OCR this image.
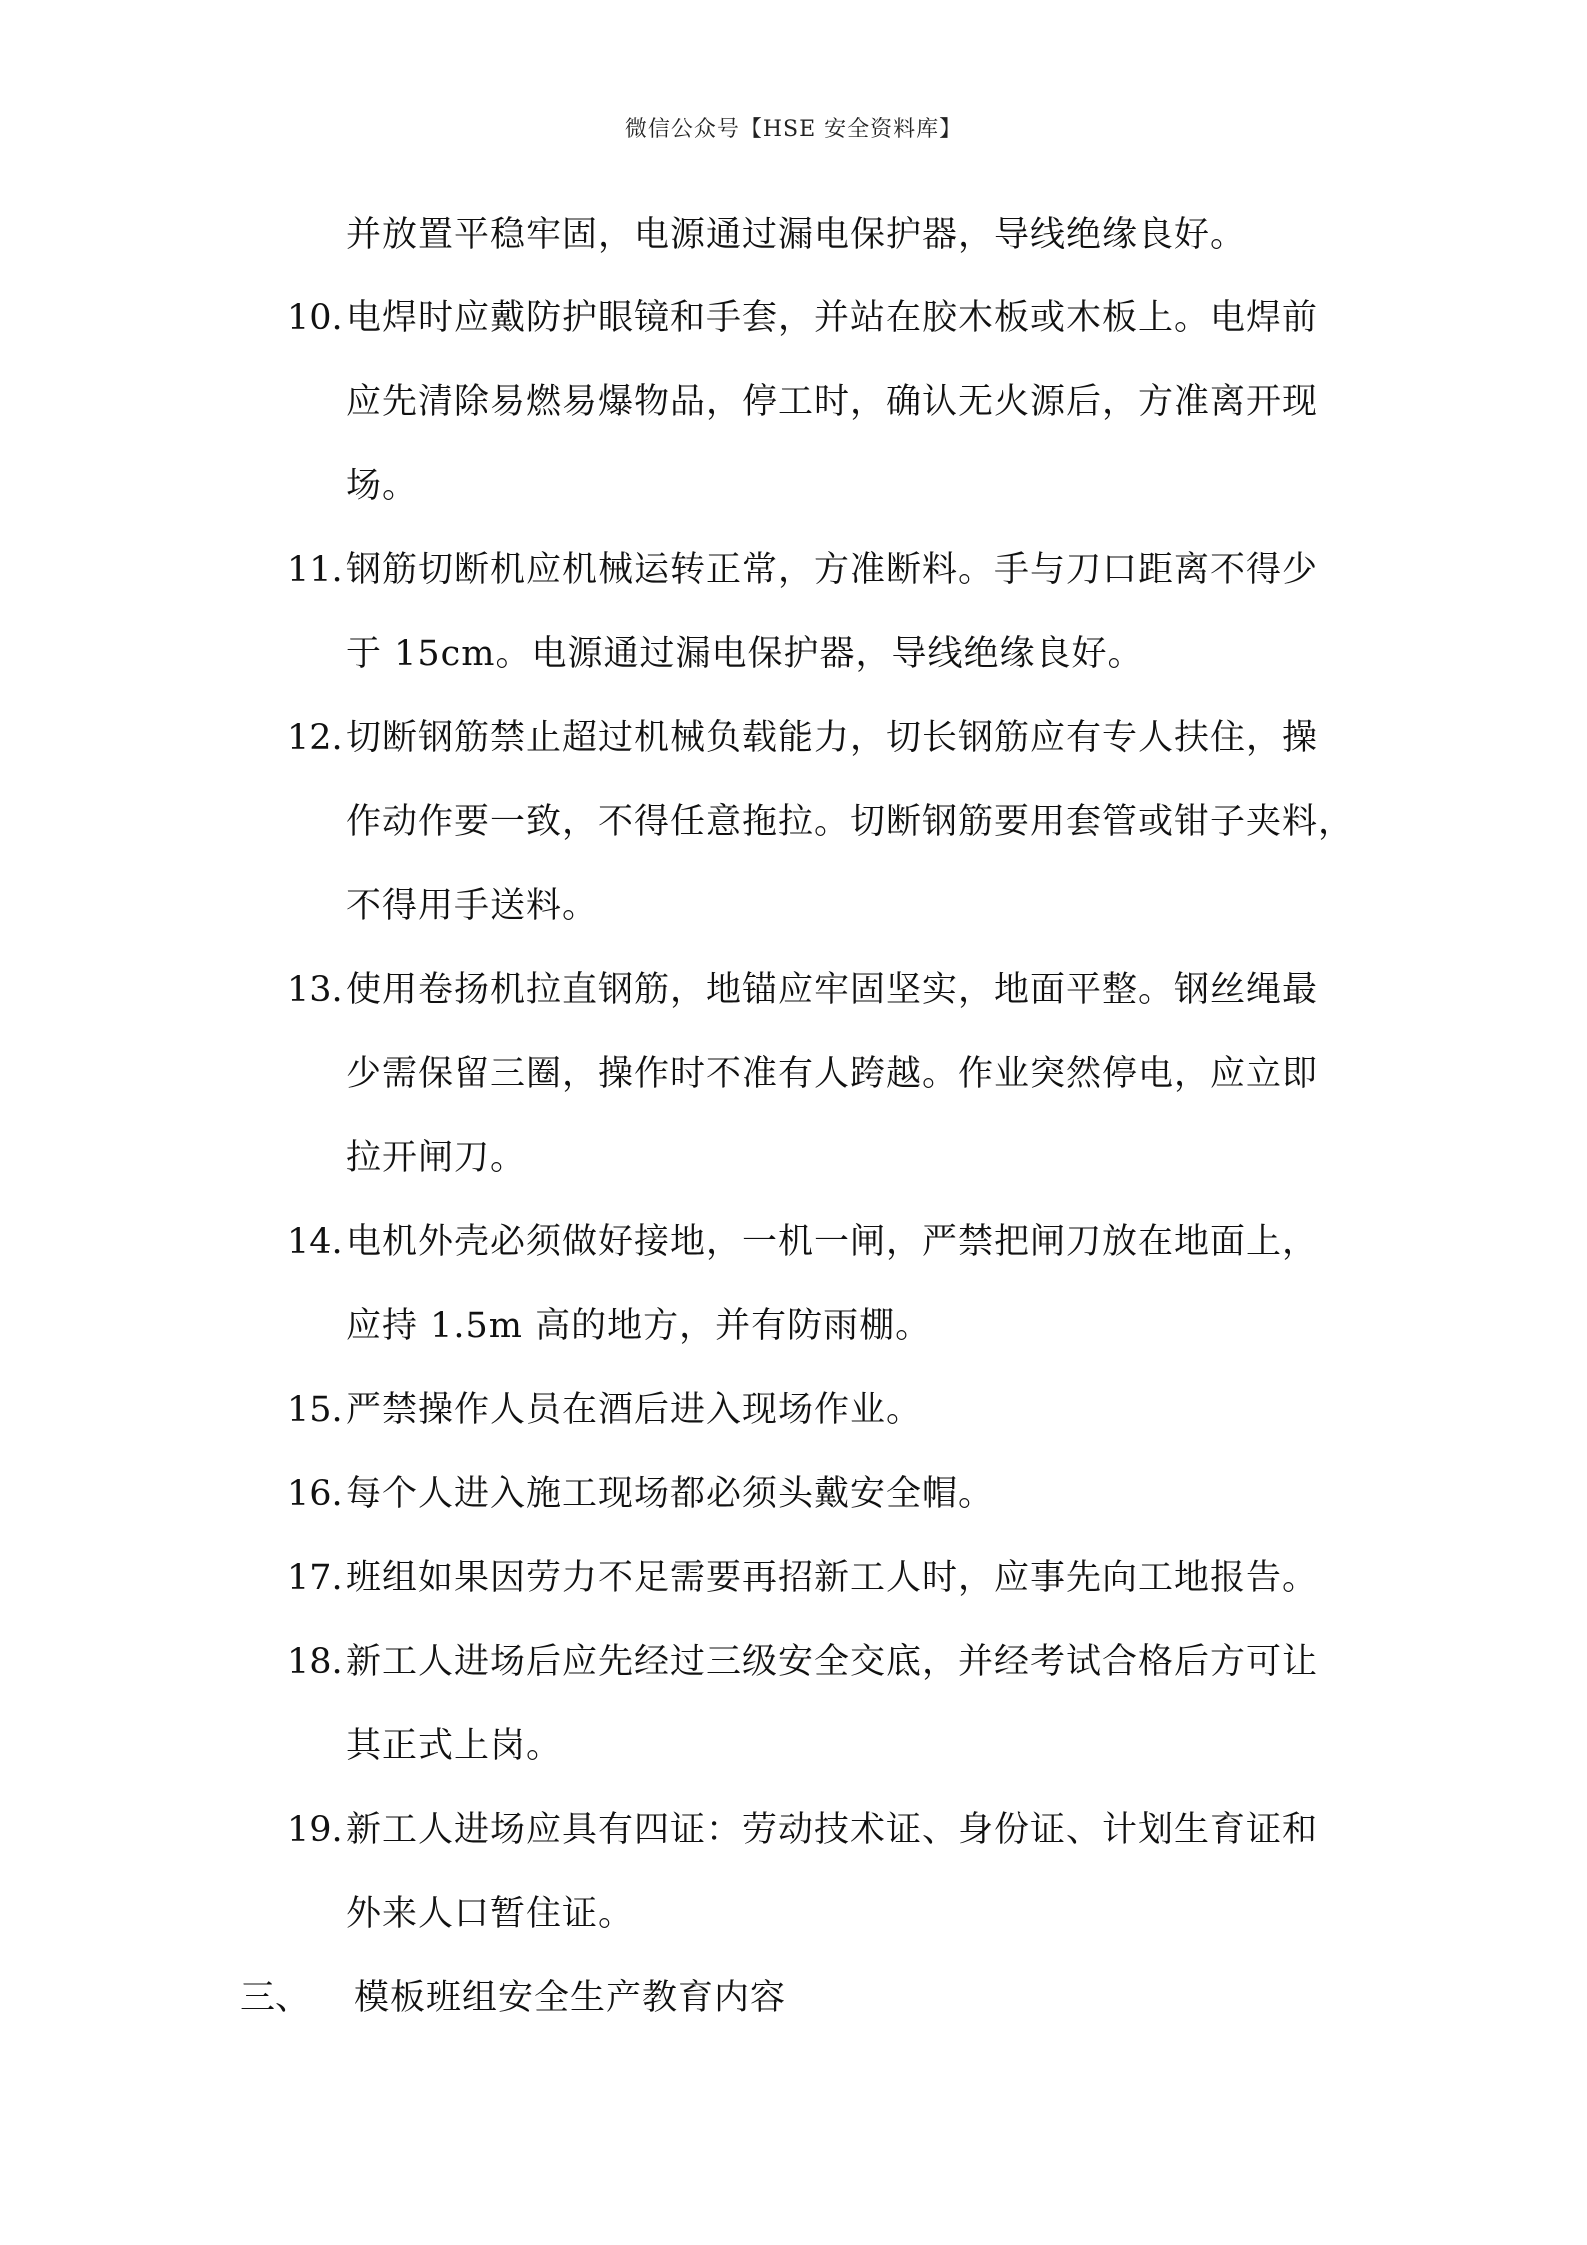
微信公众号【HSE 安全资料库】
并放置平稳牢固，电源通过漏电保护器，导线绝缘良好。
10. 电焊时应戴防护眼镜和手套，并站在胶木板或木板上。电焊前
应先清除易燃易爆物品，停工时，确认无火源后，方准离开现
场。
11. 钢筋切断机应机械运转正常，方准断料。手与刀口距离不得少
于 15cm。电源通过漏电保护器，导线绝缘良好。
12. 切断钢筋禁止超过机械负载能力，切长钢筋应有专人扶住，操
作动作要一致，不得任意拖拉。切断钢筋要用套管或钳子夹料，
不得用手送料。
13. 使用卷扬机拉直钢筋，地锚应牢固坚实，地面平整。钢丝绳最
少需保留三圈，操作时不准有人跨越。作业突然停电，应立即
拉开闸刀。
14. 电机外壳必须做好接地，一机一闸，严禁把闸刀放在地面上，
应持 1.5m 高的地方，并有防雨棚。
15. 严禁操作人员在酒后进入现场作业。
16. 每个人进入施工现场都必须头戴安全帽。
17. 班组如果因劳力不足需要再招新工人时，应事先向工地报告。
18. 新工人进场后应先经过三级安全交底，并经考试合格后方可让
其正式上岗。
19. 新工人进场应具有四证：劳动技术证、身份证、计划生育证和
外来人口暂住证。
三、 模板班组安全生产教育内容
